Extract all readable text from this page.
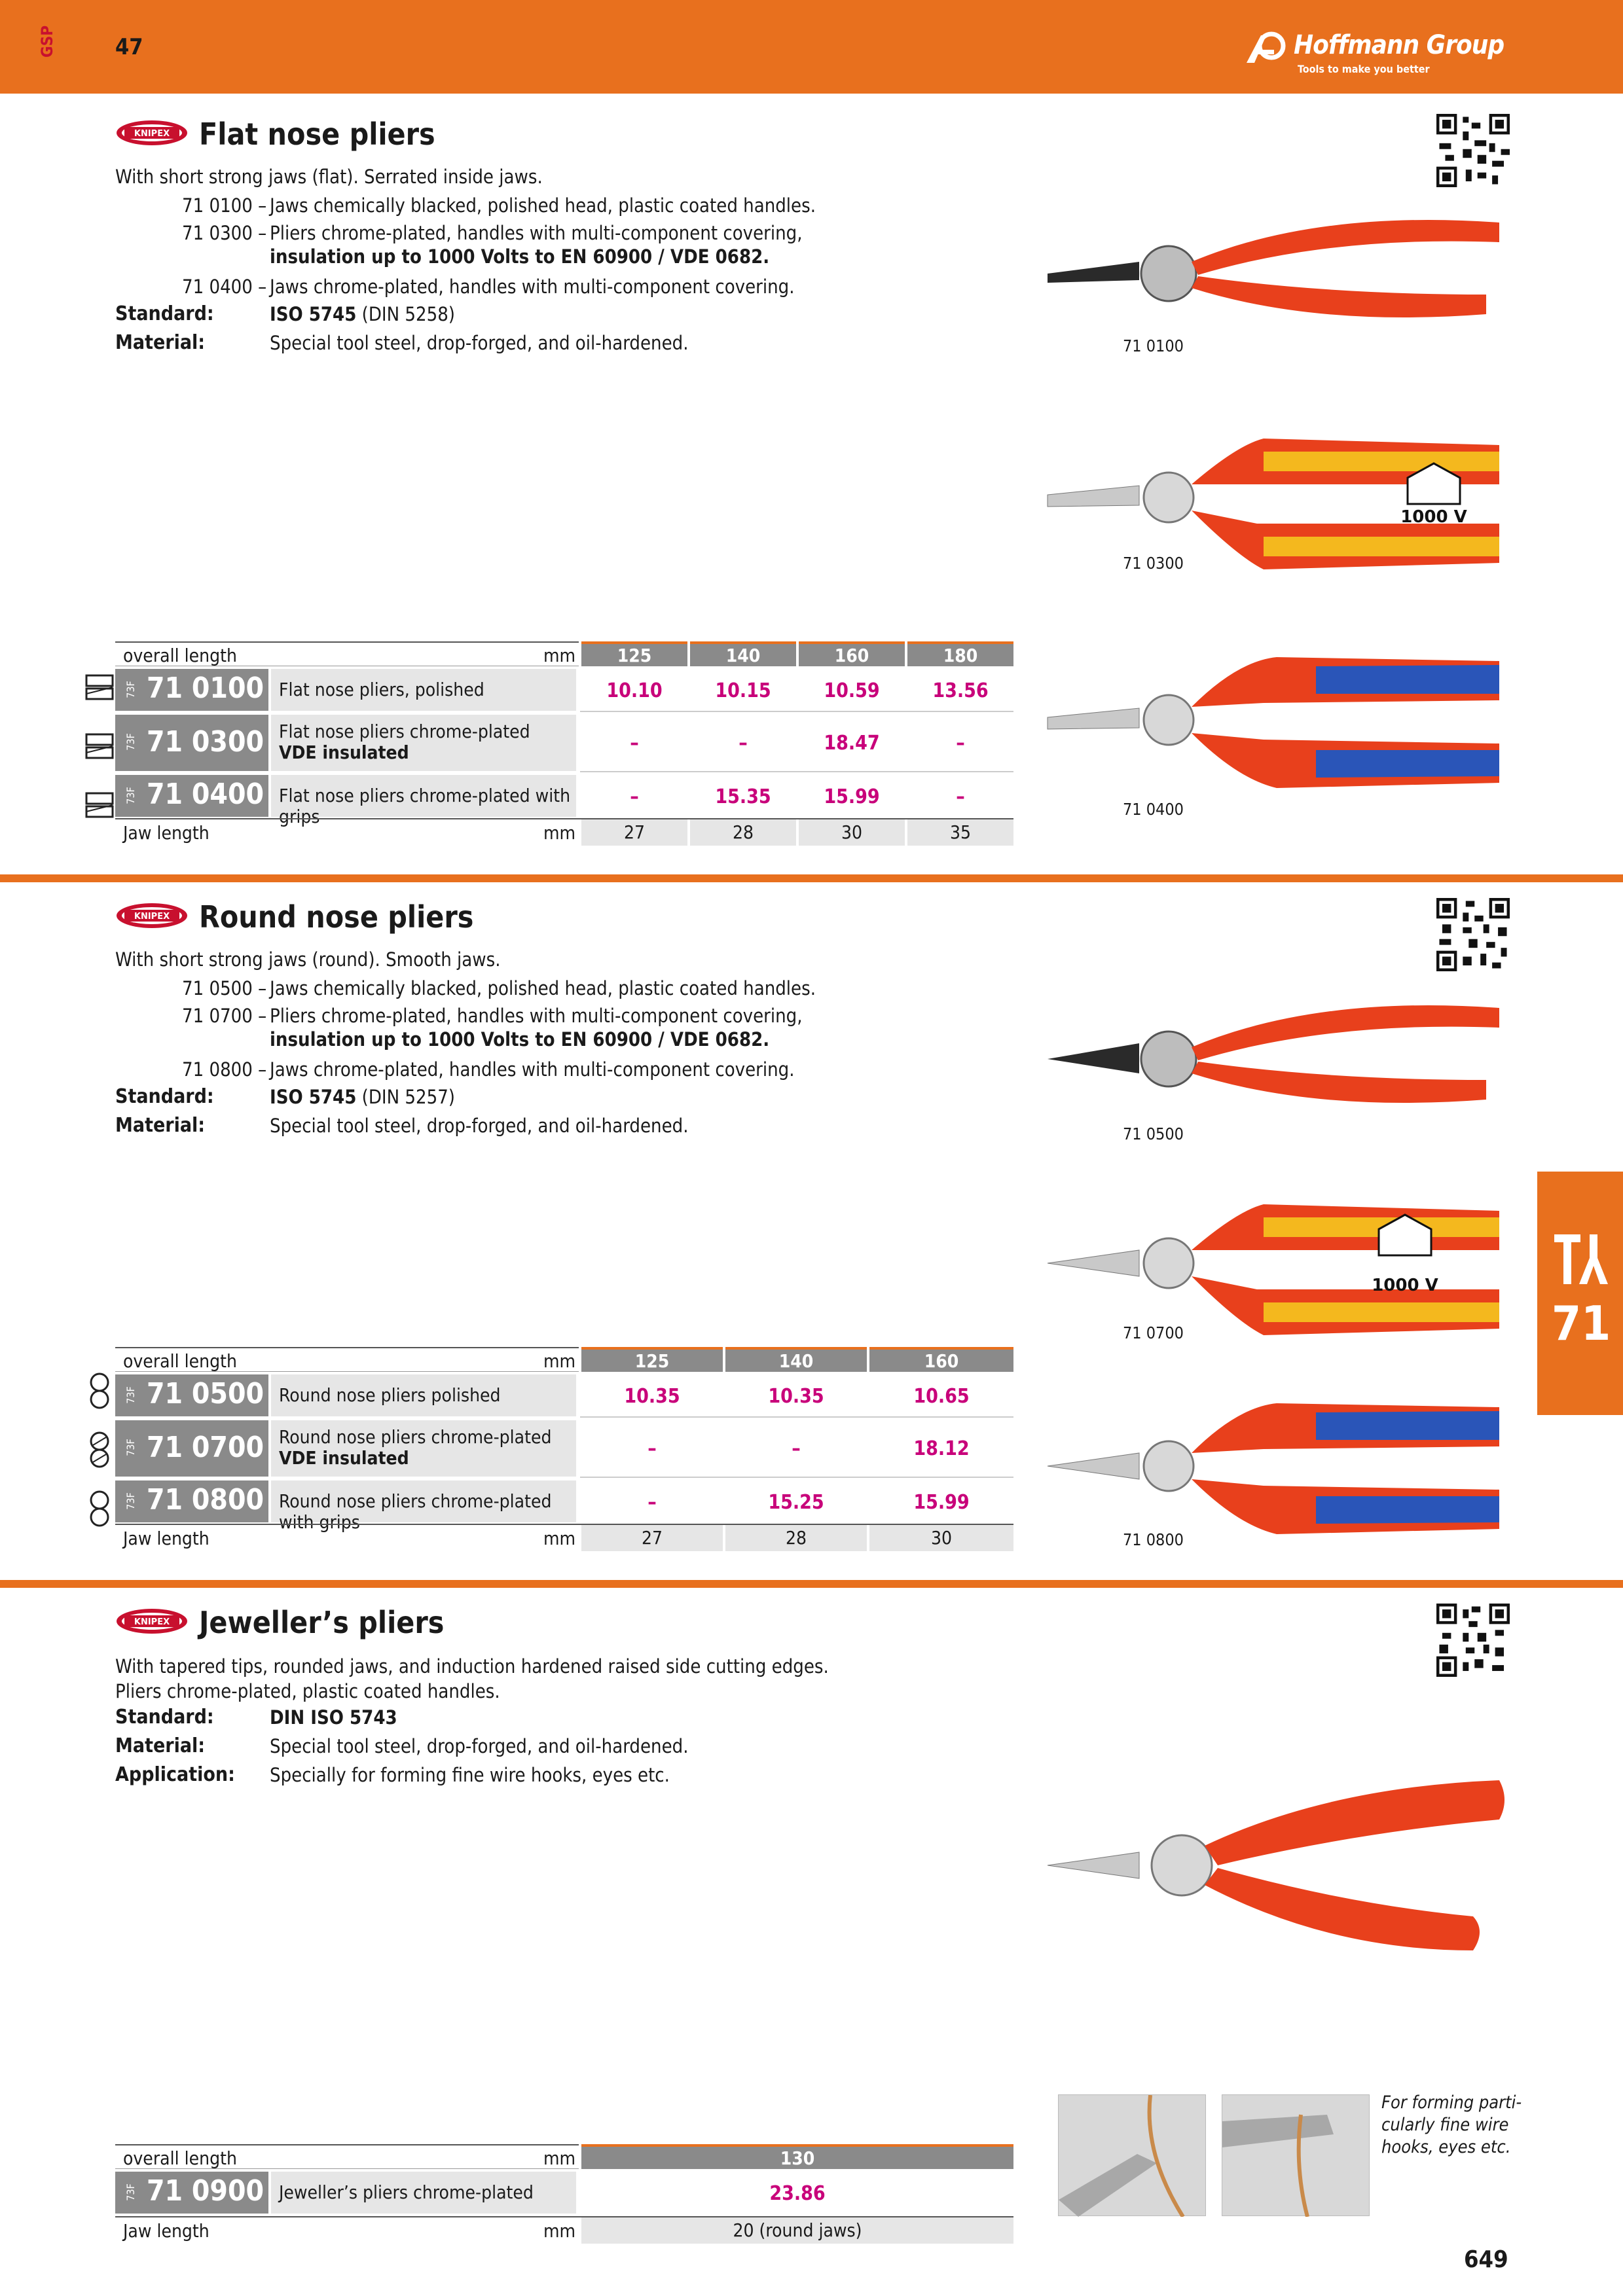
GSP	47	Hoffmann Group
Tools to make you better
KNIPEX Flat nose pliers
With short strong jaws (flat). Serrated inside jaws.
71 0100 – Jaws chemically blacked, polished head, plastic coated handles.
71 0300 – Pliers chrome-plated, handles with multi-component covering,
insulation up to 1000 Volts to EN 60900 / VDE 0682.
71 0400 – Jaws chrome-plated, handles with multi-component covering.
Standard:	ISO 5745 (DIN 5258)
Material:	Special tool steel, drop-forged, and oil-hardened.	71 0100
1000 V
71 0300
71 0400
overall length	mm	125	140	160	180
73F 71 0100 Flat nose pliers, polished	10.10	10.15	10.59	13.56
73F 71 0300 Flat nose pliers chrome-plated
VDE insulated	–	–	18.47	–
73F 71 0400 Flat nose pliers chrome-plated with grips
–	15.35	15.99	–
Jaw length	mm	27	28	30	35
KNIPEX Round nose pliers
With short strong jaws (round). Smooth jaws.
71 0500 – Jaws chemically blacked, polished head, plastic coated handles.
71 0700 – Pliers chrome-plated, handles with multi-component covering,
insulation up to 1000 Volts to EN 60900 / VDE 0682.
71 0800 – Jaws chrome-plated, handles with multi-component covering.
Standard:	ISO 5745 (DIN 5257)
Material:	Special tool steel, drop-forged, and oil-hardened.	71 0500
1000 V
71 0700
71 0800
overall length	mm	125	140	160
73F 71 0500 Round nose pliers polished	10.35	10.35	10.65
73F 71 0700 Round nose pliers chrome-plated
VDE insulated	–	–	18.12
73F 71 0800 Round nose pliers chrome-plated with grips
–	15.25	15.99
Jaw length	mm	27	28	30
71
KNIPEX Jeweller’s pliers
With tapered tips, rounded jaws, and induction hardened raised side cutting edges.
Pliers chrome-plated, plastic coated handles.
Standard:	DIN ISO 5743
Material:	Special tool steel, drop-forged, and oil-hardened.
Application: Specially for forming fine wire hooks, eyes etc.
For forming parti-
cularly fine wire
hooks, eyes etc.
overall length	mm	130
73F 71 0900 Jeweller’s pliers chrome-plated	23.86
Jaw length	mm	20 (round jaws)
649
